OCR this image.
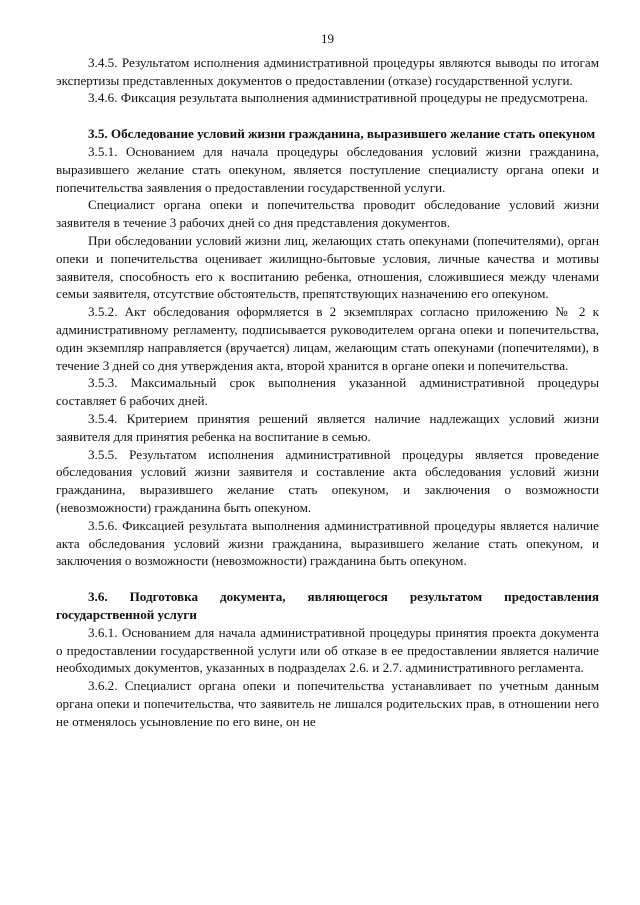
19

3.4.5. Результатом исполнения административной процедуры являются выводы по итогам экспертизы представленных документов о предоставлении (отказе) государственной услуги.

3.4.6. Фиксация результата выполнения административной процедуры не предусмотрена.

3.5. Обследование условий жизни гражданина, выразившего желание стать опекуном

3.5.1. Основанием для начала процедуры обследования условий жизни гражданина, выразившего желание стать опекуном, является поступление специалисту органа опеки и попечительства заявления о предоставлении государственной услуги.

Специалист органа опеки и попечительства проводит обследование условий жизни заявителя в течение 3 рабочих дней со дня представления документов.

При обследовании условий жизни лиц, желающих стать опекунами (попечителями), орган опеки и попечительства оценивает жилищно-бытовые условия, личные качества и мотивы заявителя, способность его к воспитанию ребенка, отношения, сложившиеся между членами семьи заявителя, отсутствие обстоятельств, препятствующих назначению его опекуном.

3.5.2. Акт обследования оформляется в 2 экземплярах согласно приложению № 2 к административному регламенту, подписывается руководителем органа опеки и попечительства, один экземпляр направляется (вручается) лицам, желающим стать опекунами (попечителями), в течение 3 дней со дня утверждения акта, второй хранится в органе опеки и попечительства.

3.5.3. Максимальный срок выполнения указанной административной процедуры составляет 6 рабочих дней.

3.5.4. Критерием принятия решений является наличие надлежащих условий жизни заявителя для принятия ребенка на воспитание в семью.

3.5.5. Результатом исполнения административной процедуры является проведение обследования условий жизни заявителя и составление акта обследования условий жизни гражданина, выразившего желание стать опекуном, и заключения о возможности (невозможности) гражданина быть опекуном.

3.5.6. Фиксацией результата выполнения административной процедуры является наличие акта обследования условий жизни гражданина, выразившего желание стать опекуном, и заключения о возможности (невозможности) гражданина быть опекуном.

3.6. Подготовка документа, являющегося результатом предоставления государственной услуги

3.6.1. Основанием для начала административной процедуры принятия проекта документа о предоставлении государственной услуги или об отказе в ее предоставлении является наличие необходимых документов, указанных в подразделах 2.6. и 2.7. административного регламента.

3.6.2. Специалист органа опеки и попечительства устанавливает по учетным данным органа опеки и попечительства, что заявитель не лишался родительских прав, в отношении него не отменялось усыновление по его вине, он не
